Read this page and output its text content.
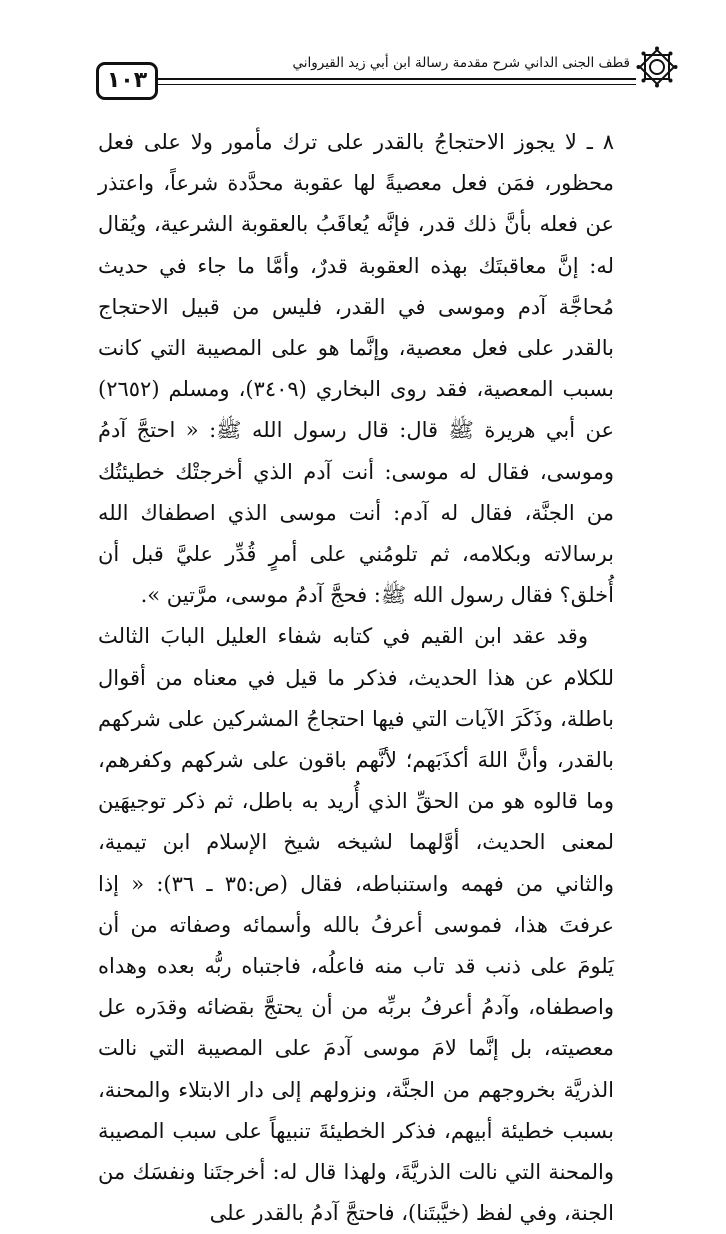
١٠٣
قطف الجنى الداني شرح مقدمة رسالة ابن أبي زيد القيرواني

٨ ـ لا يجوز الاحتجاجُ بالقدر على ترك مأمور ولا على فعل محظور، فمَن فعل معصيةً لها عقوبة محدَّدة شرعاً، واعتذر عن فعله بأنَّ ذلك قدر، فإنَّه يُعاقَبُ بالعقوبة الشرعية، ويُقال له: إنَّ معاقبتَك بهذه العقوبة قدرٌ، وأمَّا ما جاء في حديث مُحاجَّة آدم وموسى في القدر، فليس من قبيل الاحتجاج بالقدر على فعل معصية، وإنَّما هو على المصيبة التي كانت بسبب المعصية، فقد روى البخاري (٣٤٠٩)، ومسلم (٢٦٥٢) عن أبي هريرة ﷺ قال: قال رسول الله ﷺ: « احتجَّ آدمُ وموسى، فقال له موسى: أنت آدم الذي أخرجتْك خطيئتُك من الجنَّة، فقال له آدم: أنت موسى الذي اصطفاك الله برسالاته وبكلامه، ثم تلومُني على أمرٍ قُدِّر عليَّ قبل أن أُخلق؟ فقال رسول الله ﷺ: فحجَّ آدمُ موسى، مرَّتين ».

وقد عقد ابن القيم في كتابه شفاء العليل البابَ الثالث للكلام عن هذا الحديث، فذكر ما قيل في معناه من أقوال باطلة، وذَكَرَ الآيات التي فيها احتجاجُ المشركين على شركهم بالقدر، وأنَّ اللهَ أكذَبَهم؛ لأنَّهم باقون على شركهم وكفرهم، وما قالوه هو من الحقِّ الذي أُريد به باطل، ثم ذكر توجيهَين لمعنى الحديث، أوَّلهما لشيخه شيخ الإسلام ابن تيمية، والثاني من فهمه واستنباطه، فقال (ص:٣٥ ـ ٣٦): « إذا عرفتَ هذا، فموسى أعرفُ بالله وأسمائه وصفاته من أن يَلومَ على ذنب قد تاب منه فاعلُه، فاجتباه ربُّه بعده وهداه واصطفاه، وآدمُ أعرفُ بربِّه من أن يحتجَّ بقضائه وقدَره عل معصيته، بل إنَّما لامَ موسى آدمَ على المصيبة التي نالت الذريَّة بخروجهم من الجنَّة، ونزولهم إلى دار الابتلاء والمحنة، بسبب خطيئة أبيهم، فذكر الخطيئةَ تنبيهاً على سبب المصيبة والمحنة التي نالت الذريَّةَ، ولهذا قال له: أخرجتَنا ونفسَك من الجنة، وفي لفظ (خيَّبتَنا)، فاحتجَّ آدمُ بالقدر على
